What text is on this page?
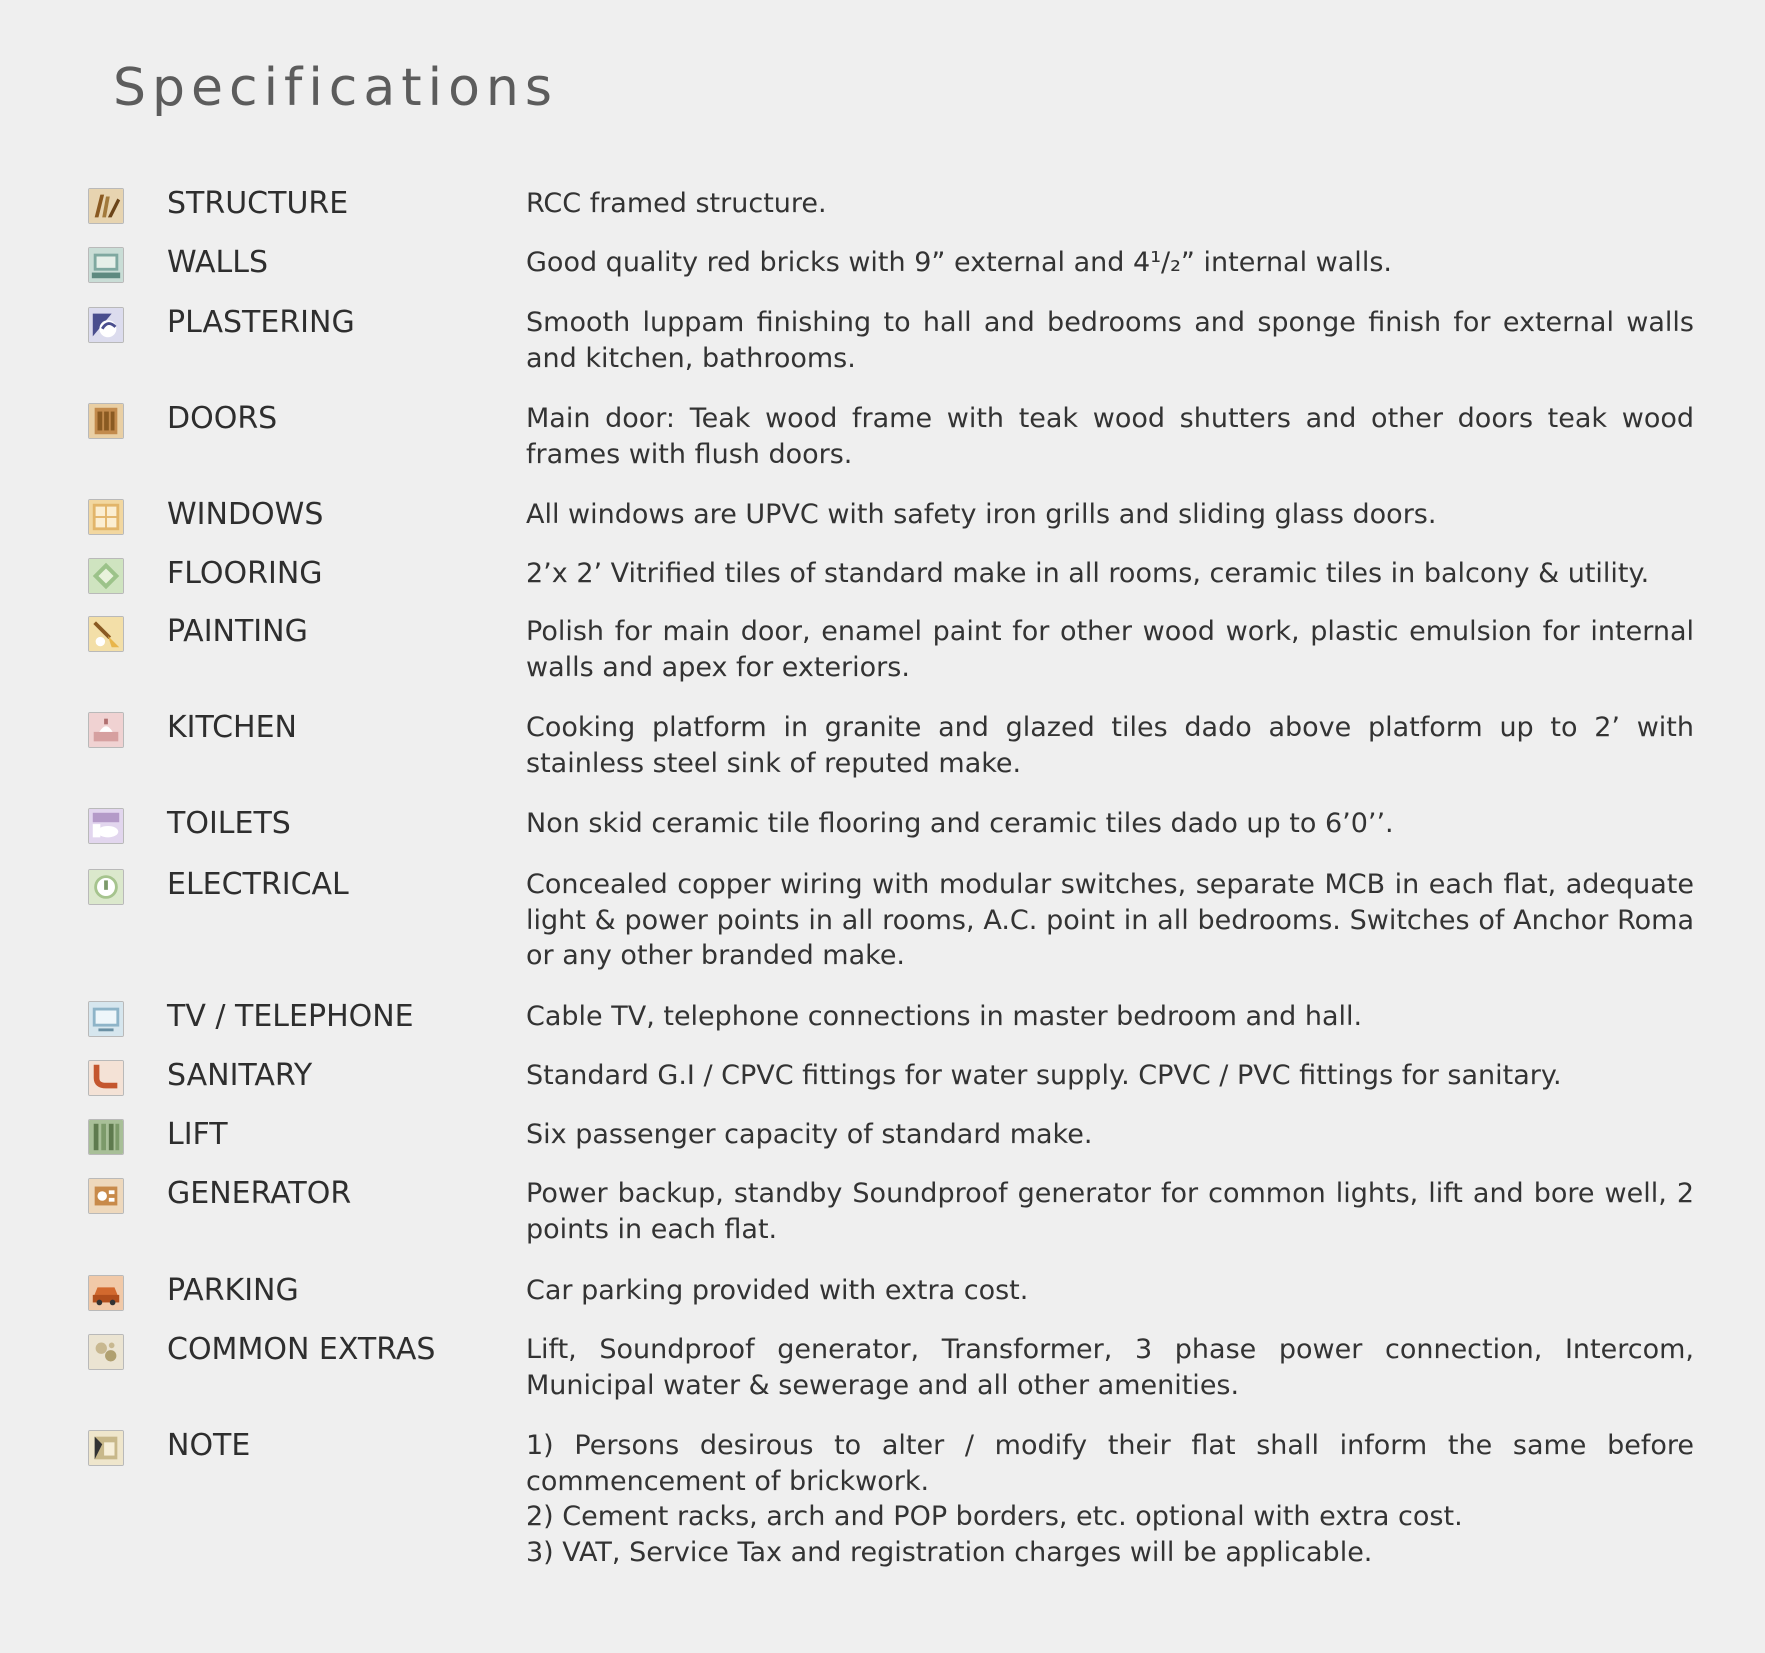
Specifications
STRUCTURE	RCC framed structure.
WALLS	Good quality red bricks with 9” external and 4¹/₂” internal walls.
PLASTERING	Smooth luppam finishing to hall and bedrooms and sponge finish for external walls and kitchen, bathrooms.
DOORS	Main door: Teak wood frame with teak wood shutters and other doors teak wood frames with flush doors.
WINDOWS	All windows are UPVC with safety iron grills and sliding glass doors.
FLOORING	2’x 2’ Vitrified tiles of standard make in all rooms, ceramic tiles in balcony & utility.
PAINTING	Polish for main door, enamel paint for other wood work, plastic emulsion for internal walls and apex for exteriors.
KITCHEN	Cooking platform in granite and glazed tiles dado above platform up to 2’ with stainless steel sink of reputed make.
TOILETS	Non skid ceramic tile flooring and ceramic tiles dado up to 6’0’’.
ELECTRICAL	Concealed copper wiring with modular switches, separate MCB in each flat, adequate light & power points in all rooms, A.C. point in all bedrooms. Switches of Anchor Roma or any other branded make.
TV / TELEPHONE	Cable TV, telephone connections in master bedroom and hall.
SANITARY	Standard G.I / CPVC fittings for water supply. CPVC / PVC fittings for sanitary.
LIFT	Six passenger capacity of standard make.
GENERATOR	Power backup, standby Soundproof generator for common lights, lift and bore well, 2 points in each flat.
PARKING	Car parking provided with extra cost.
COMMON EXTRAS	Lift, Soundproof generator, Transformer, 3 phase power connection, Intercom, Municipal water & sewerage and all other amenities.
NOTE	1) Persons desirous to alter / modify their flat shall inform the same before commencement of brickwork.
2) Cement racks, arch and POP borders, etc. optional with extra cost.
3) VAT, Service Tax and registration charges will be applicable.
